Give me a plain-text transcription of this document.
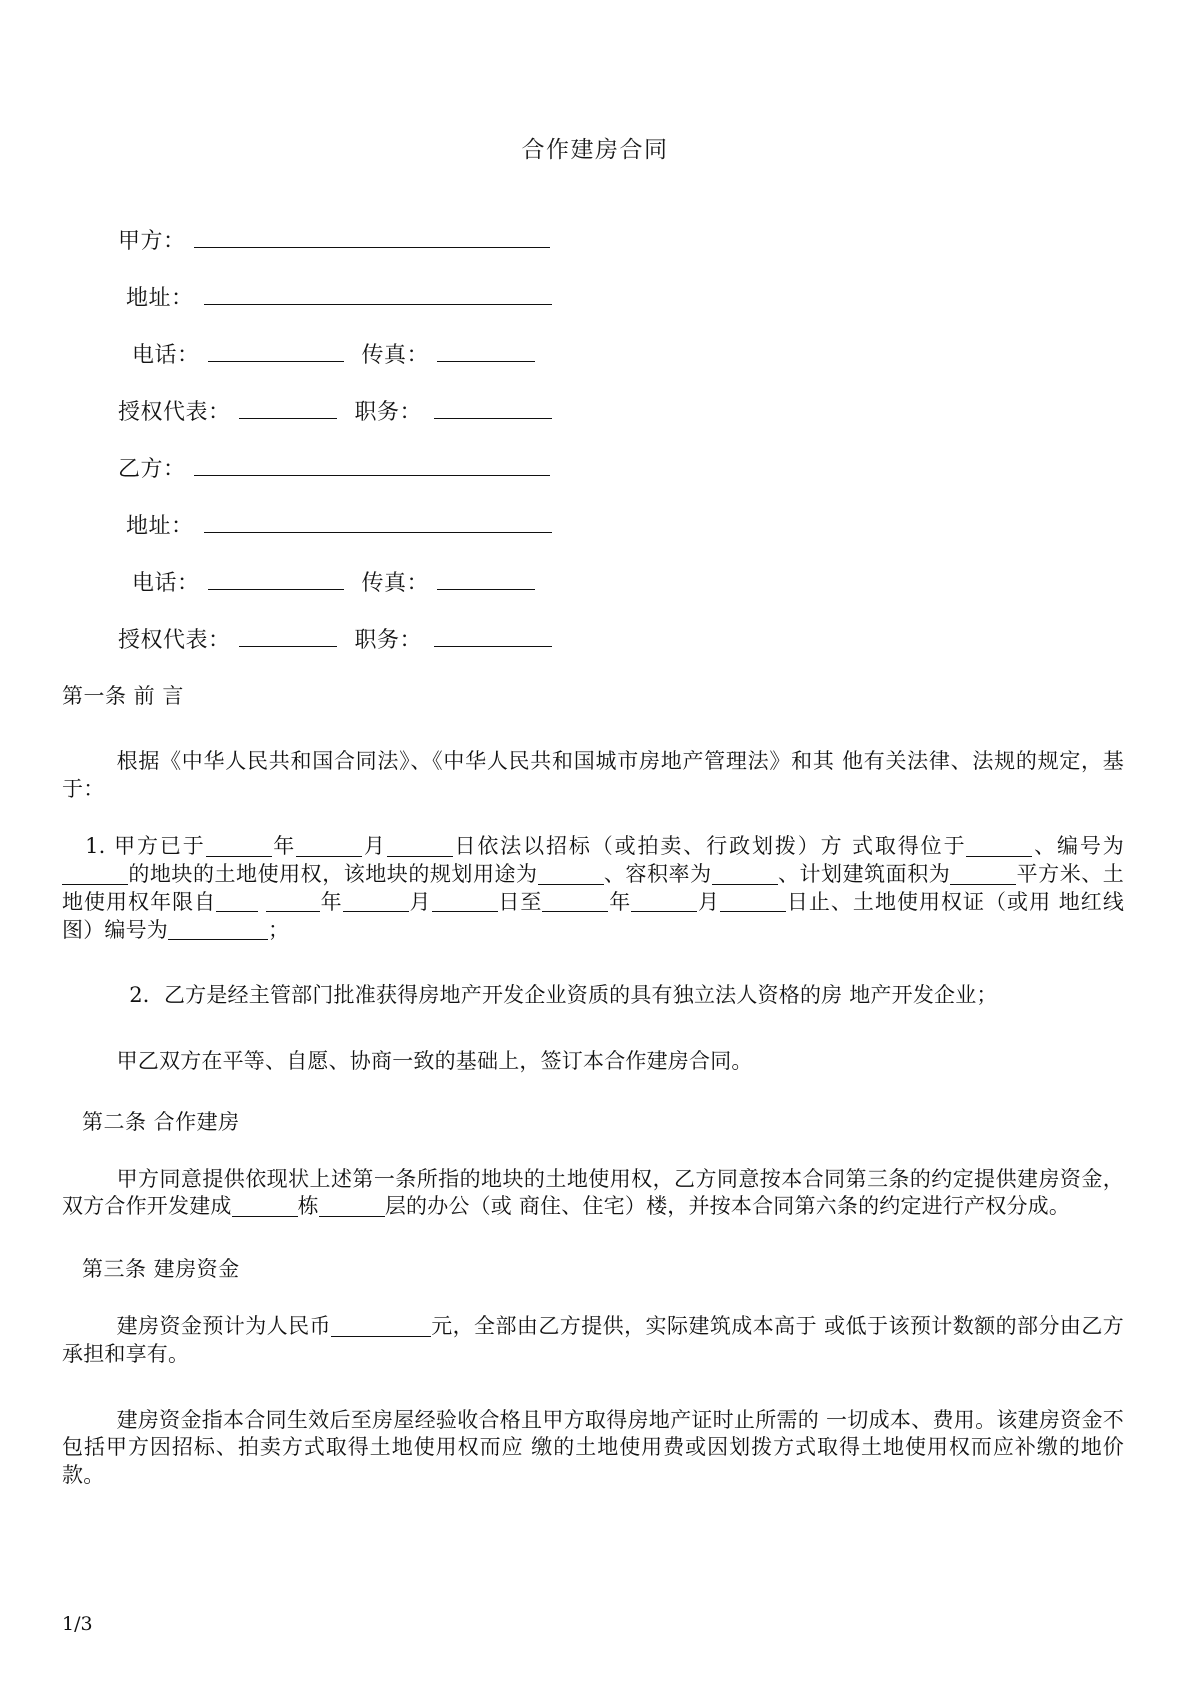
合作建房合同
甲方：
地址：
电话：	传真：
授权代表：	职务：
乙方：
地址：
电话：	传真：
授权代表：	职务：
第一条 前 言

根据《中华人民共和国合同法》、《中华人民共和国城市房地产管理法》和其 他有关法律、法规的规定，基于：

1. 甲方已于	年	月	日依法以招标（或拍卖、行政划拨）方 式取得位于	、编号为的地块的土地使用权，该地块的规划用途为	、容积率为	、计划建筑面积为	平方米、土地使用权年限自	年	月	日至	年	月	日止、土地使用权证（或用 地红线图）编号为	；

2．乙方是经主管部门批准获得房地产开发企业资质的具有独立法人资格的房 地产开发企业；

甲乙双方在平等、自愿、协商一致的基础上，签订本合作建房合同。

第二条 合作建房

甲方同意提供依现状上述第一条所指的地块的土地使用权，乙方同意按本合同第三条的约定提供建房资金，双方合作开发建成	栋	层的办公（或 商住、住宅）楼，并按本合同第六条的约定进行产权分成。

第三条 建房资金

建房资金预计为人民币	元，全部由乙方提供，实际建筑成本高于 或低于该预计数额的部分由乙方承担和享有。

建房资金指本合同生效后至房屋经验收合格且甲方取得房地产证时止所需的 一切成本、费用。该建房资金不包括甲方因招标、拍卖方式取得土地使用权而应 缴的土地使用费或因划拨方式取得土地使用权而应补缴的地价款。

1/3
